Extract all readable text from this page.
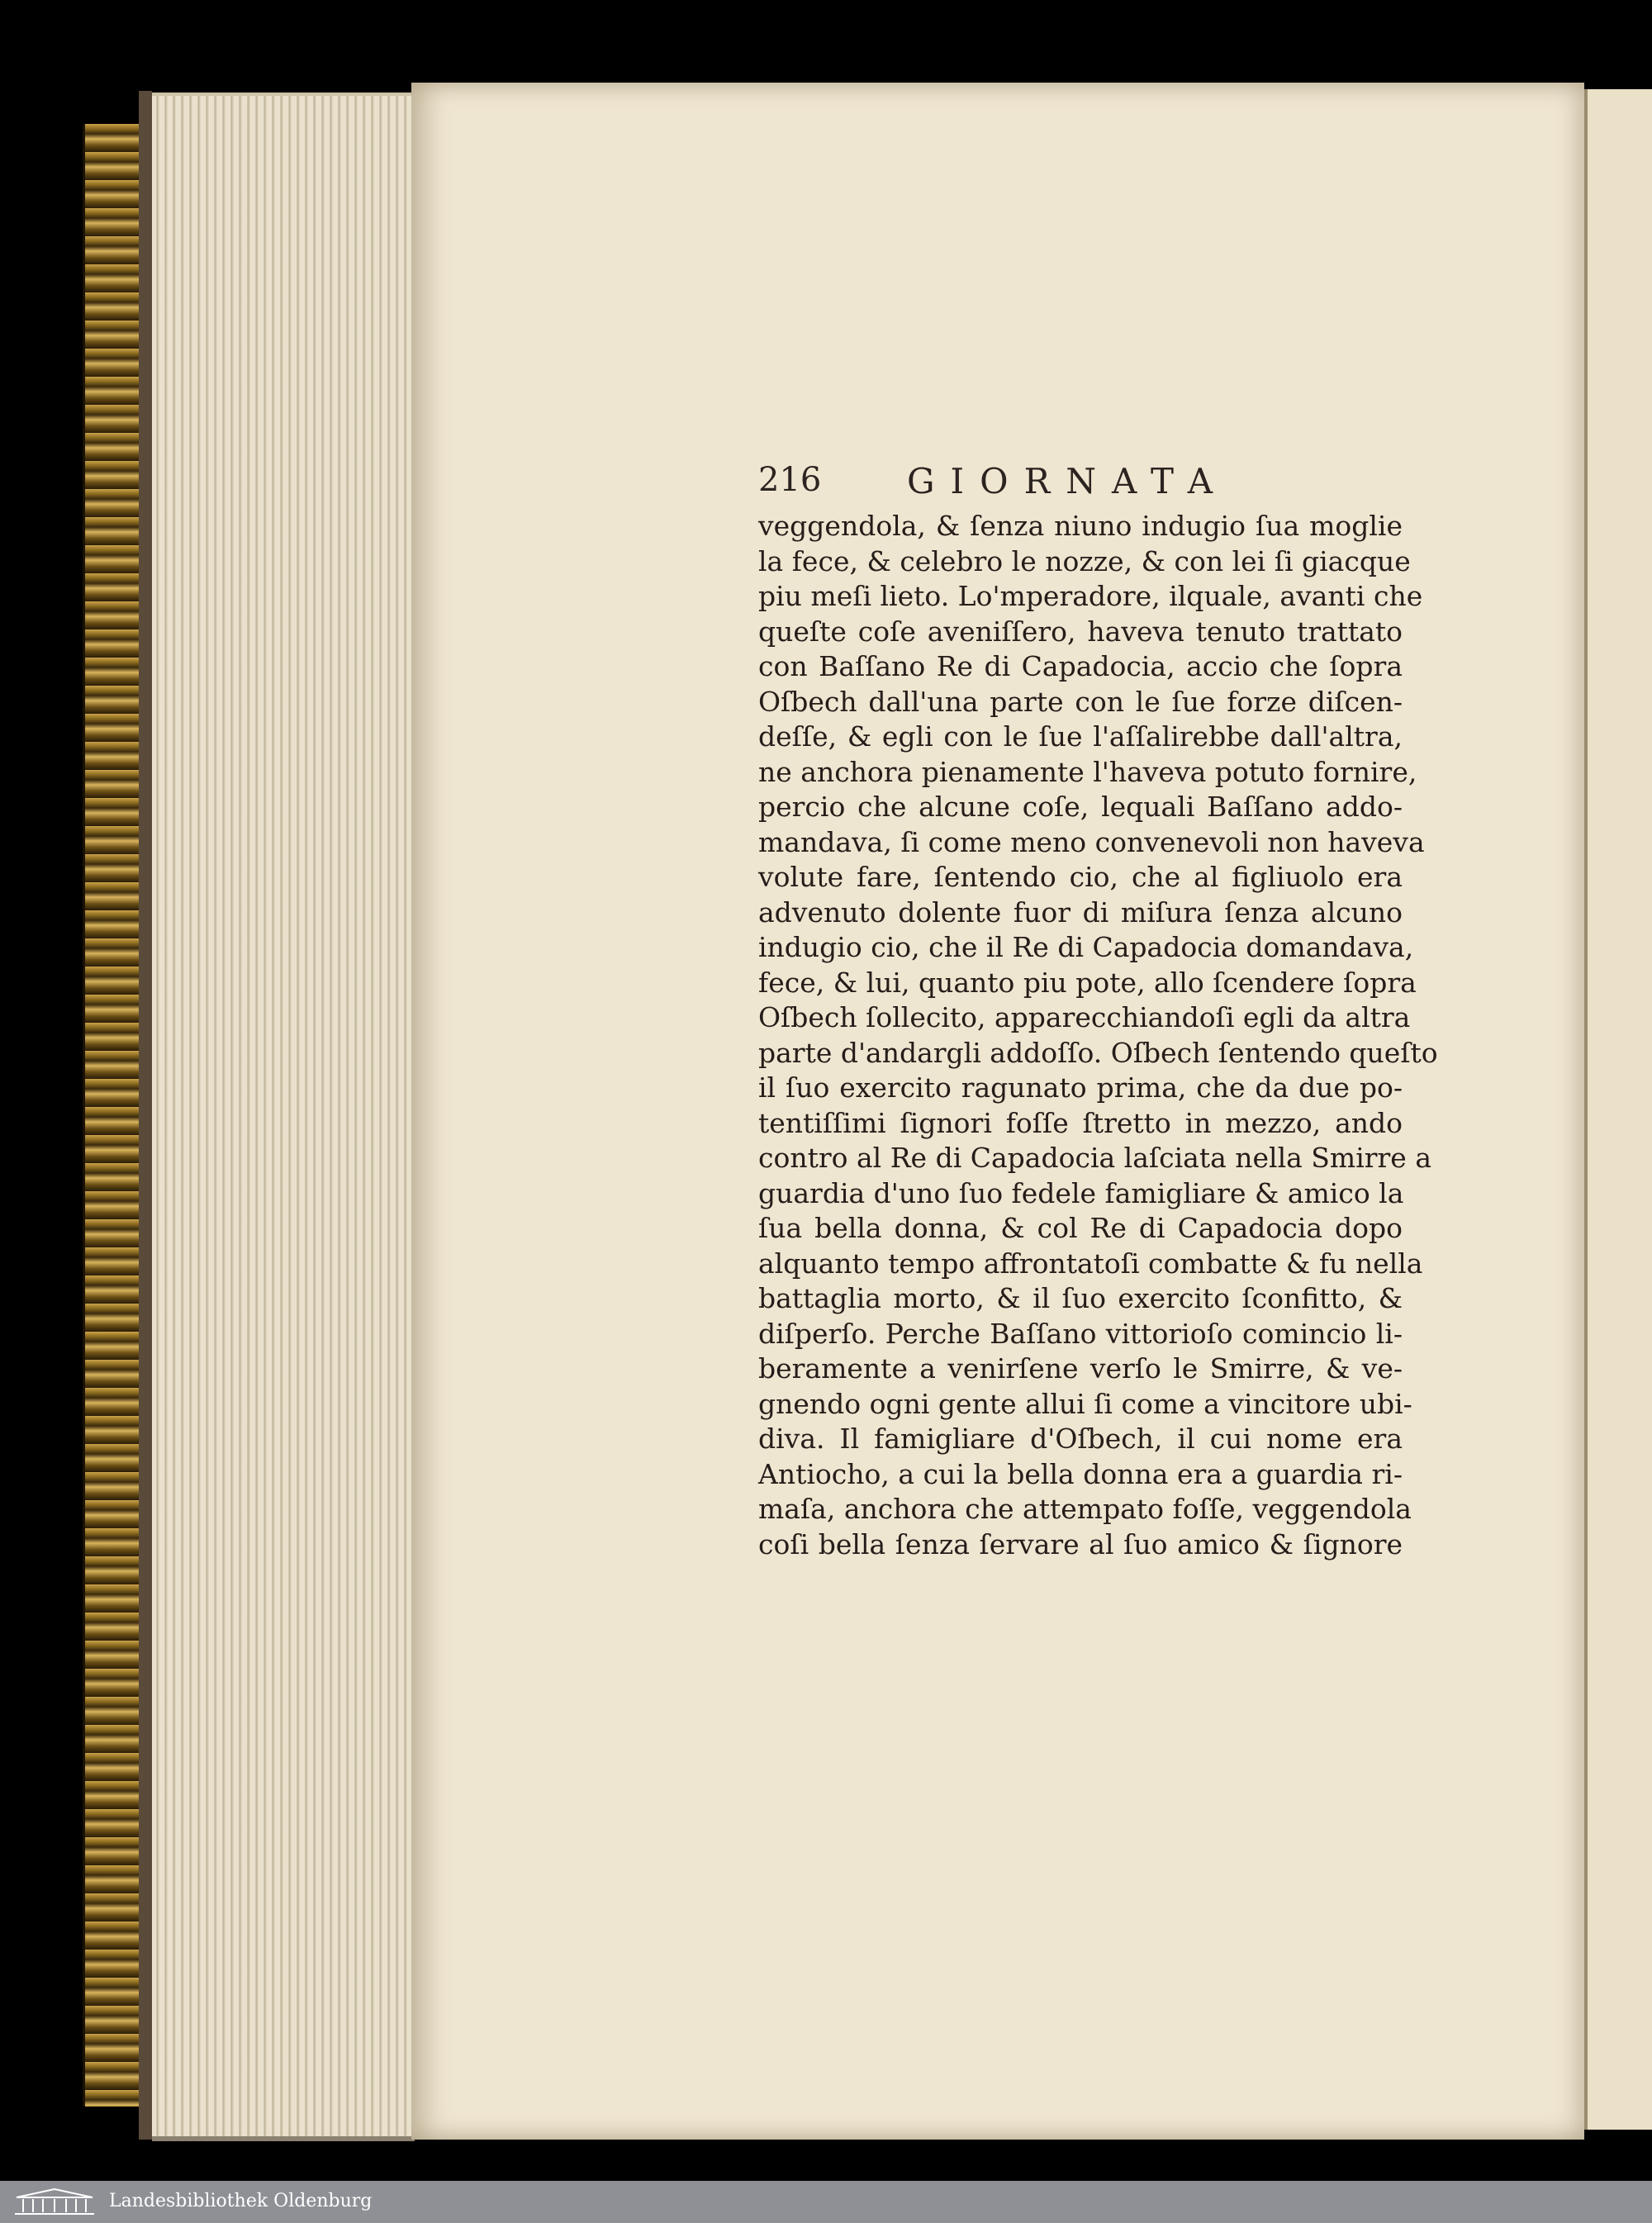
216 GIORNATA
veggendola, & ſenza niuno indugio ſua moglie
la fece, & celebro le nozze, & con lei ſi giacque
piu meſi lieto. Lo'mperadore, ilquale, avanti che
queſte coſe aveniſſero, haveva tenuto trattato
con Baſſano Re di Capadocia, accio che ſopra
Oſbech dall'una parte con le ſue forze diſcen-
deſſe, & egli con le ſue l'aſſalirebbe dall'altra,
ne anchora pienamente l'haveva potuto fornire,
percio che alcune coſe, lequali Baſſano addo-
mandava, ſi come meno convenevoli non haveva
volute fare, ſentendo cio, che al figliuolo era
advenuto dolente fuor di miſura ſenza alcuno
indugio cio, che il Re di Capadocia domandava,
fece, & lui, quanto piu pote, allo ſcendere ſopra
Oſbech ſollecito, apparecchiandoſi egli da altra
parte d'andargli addoſſo. Oſbech ſentendo queſto
il ſuo exercito ragunato prima, che da due po-
tentiſſimi ſignori foſſe ſtretto in mezzo, ando
contro al Re di Capadocia laſciata nella Smirre a
guardia d'uno ſuo fedele famigliare & amico la
ſua bella donna, & col Re di Capadocia dopo
alquanto tempo affrontatoſi combatte & fu nella
battaglia morto, & il ſuo exercito ſconfitto, &
diſperſo. Perche Baſſano vittorioſo comincio li-
beramente a venirſene verſo le Smirre, & ve-
gnendo ogni gente allui ſi come a vincitore ubi-
diva. Il famigliare d'Oſbech, il cui nome era
Antiocho, a cui la bella donna era a guardia ri-
maſa, anchora che attempato foſſe, veggendola
coſi bella ſenza ſervare al ſuo amico & ſignore
Landesbibliothek Oldenburg
